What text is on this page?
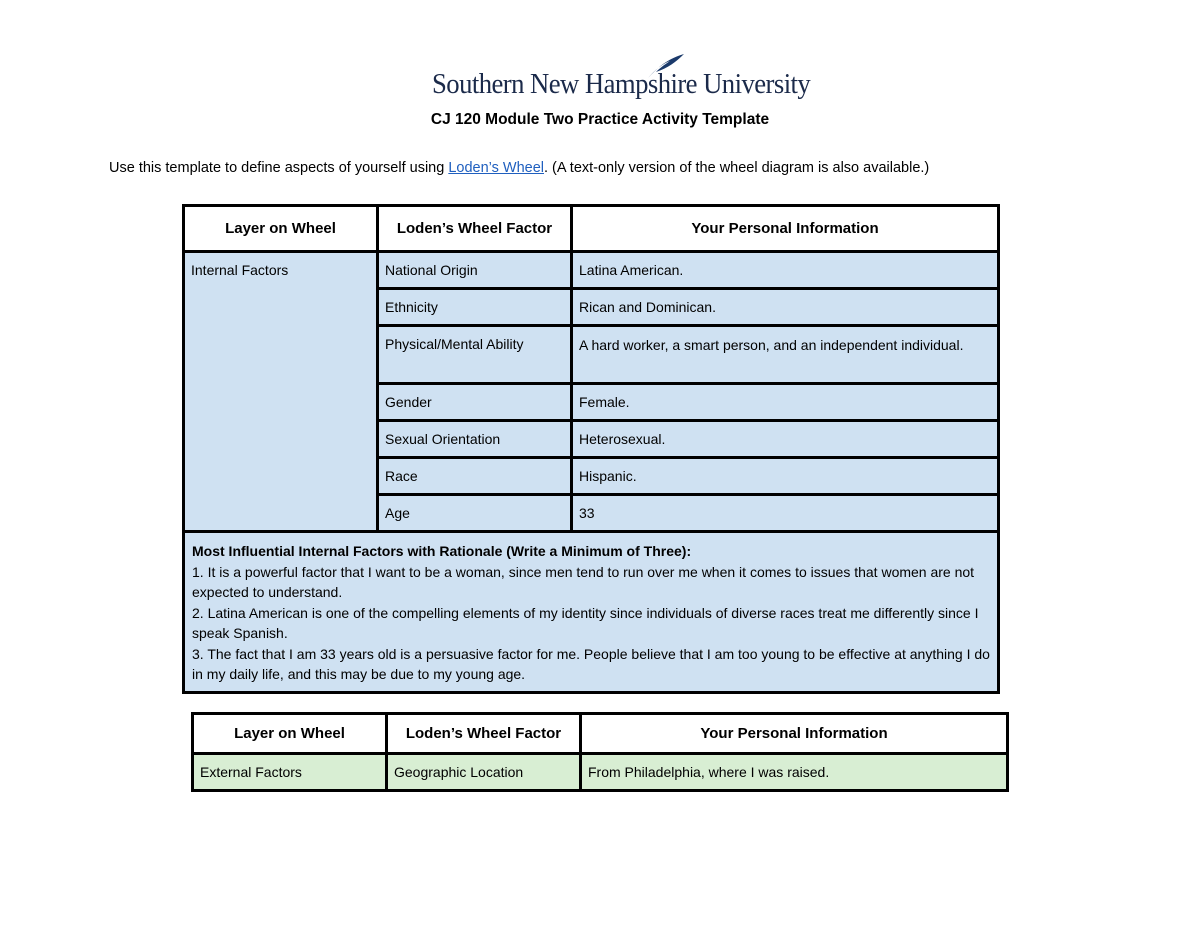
Southern New Hampshire University
CJ 120 Module Two Practice Activity Template
Use this template to define aspects of yourself using Loden’s Wheel. (A text-only version of the wheel diagram is also available.)
Layer on Wheel	Loden’s Wheel Factor	Your Personal Information
Internal Factors	National Origin	Latina American.
	Ethnicity	Rican and Dominican.
	Physical/Mental Ability	A hard worker, a smart person, and an independent individual.
	Gender	Female.
	Sexual Orientation	Heterosexual.
	Race	Hispanic.
	Age	33

Most Influential Internal Factors with Rationale (Write a Minimum of Three):
1. It is a powerful factor that I want to be a woman, since men tend to run over me when it comes to issues that women are not expected to understand.
2. Latina American is one of the compelling elements of my identity since individuals of diverse races treat me differently since I speak Spanish.
3. The fact that I am 33 years old is a persuasive factor for me. People believe that I am too young to be effective at anything I do in my daily life, and this may be due to my young age.		
Layer on Wheel	Loden’s Wheel Factor	Your Personal Information
External Factors	Geographic Location	From Philadelphia, where I was raised.
